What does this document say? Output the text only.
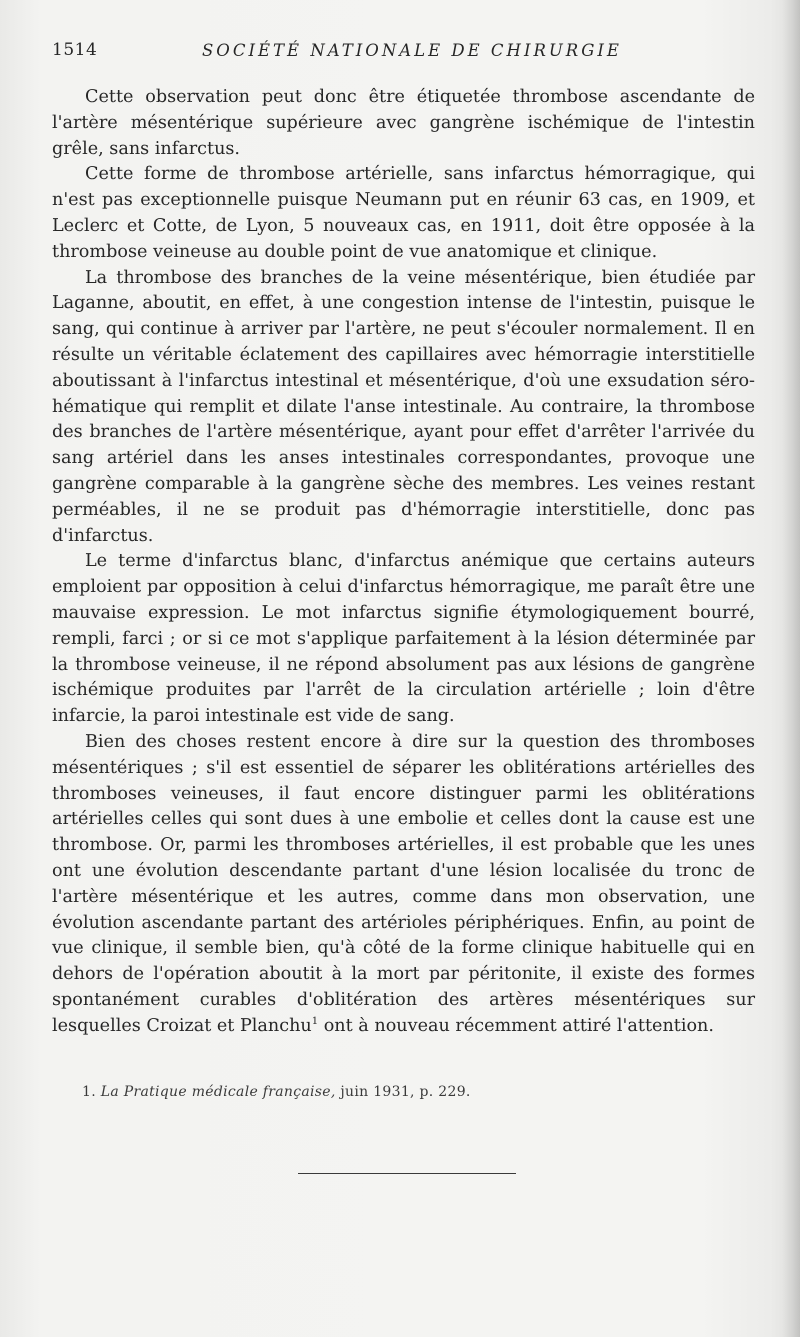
1514	SOCIÉTÉ NATIONALE DE CHIRURGIE

Cette observation peut donc être étiquetée thrombose ascendante de l'artère mésentérique supérieure avec gangrène ischémique de l'intestin grêle, sans infarctus.

Cette forme de thrombose artérielle, sans infarctus hémorragique, qui n'est pas exceptionnelle puisque Neumann put en réunir 63 cas, en 1909, et Leclerc et Cotte, de Lyon, 5 nouveaux cas, en 1911, doit être opposée à la thrombose veineuse au double point de vue anatomique et clinique.

La thrombose des branches de la veine mésentérique, bien étudiée par Laganne, aboutit, en effet, à une congestion intense de l'intestin, puisque le sang, qui continue à arriver par l'artère, ne peut s'écouler normalement. Il en résulte un véritable éclatement des capillaires avec hémorragie interstitielle aboutissant à l'infarctus intestinal et mésentérique, d'où une exsudation séro-hématique qui remplit et dilate l'anse intestinale. Au contraire, la thrombose des branches de l'artère mésentérique, ayant pour effet d'arrêter l'arrivée du sang artériel dans les anses intestinales correspondantes, provoque une gangrène comparable à la gangrène sèche des membres. Les veines restant perméables, il ne se produit pas d'hémorragie interstitielle, donc pas d'infarctus.

Le terme d'infarctus blanc, d'infarctus anémique que certains auteurs emploient par opposition à celui d'infarctus hémorragique, me paraît être une mauvaise expression. Le mot infarctus signifie étymologiquement bourré, rempli, farci ; or si ce mot s'applique parfaitement à la lésion déterminée par la thrombose veineuse, il ne répond absolument pas aux lésions de gangrène ischémique produites par l'arrêt de la circulation artérielle ; loin d'être infarcie, la paroi intestinale est vide de sang.

Bien des choses restent encore à dire sur la question des thromboses mésentériques ; s'il est essentiel de séparer les oblitérations artérielles des thromboses veineuses, il faut encore distinguer parmi les oblitérations artérielles celles qui sont dues à une embolie et celles dont la cause est une thrombose. Or, parmi les thromboses artérielles, il est probable que les unes ont une évolution descendante partant d'une lésion localisée du tronc de l'artère mésentérique et les autres, comme dans mon observation, une évolution ascendante partant des artérioles périphériques. Enfin, au point de vue clinique, il semble bien, qu'à côté de la forme clinique habituelle qui en dehors de l'opération aboutit à la mort par péritonite, il existe des formes spontanément curables d'oblitération des artères mésentériques sur lesquelles Croizat et Planchu$^1$ ont à nouveau récemment attiré l'attention.

1. La Pratique médicale française, juin 1931, p. 229.
